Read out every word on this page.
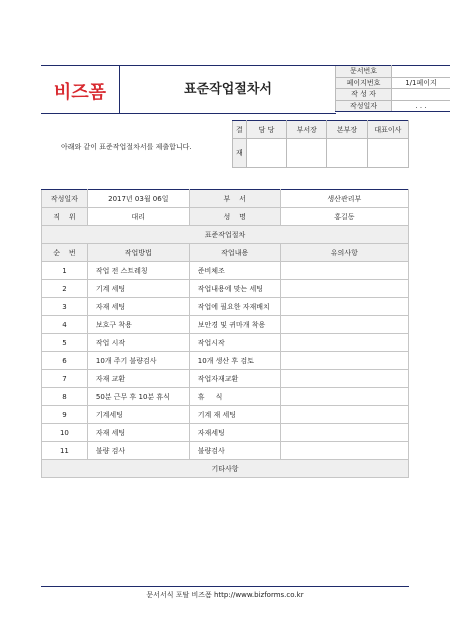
비즈폼	표준작업절차서
문서번호	
페이지번호	1/1페이지
작 성 자	
작성일자	. . .
아래와 같이 표준작업절차서를 제출합니다.
결	담 당	부서장	본부장	대표이사
재				
작성일자	2017년 03월 06일	부    서	생산관리부
직    위	대리	성    명	홍길동
표준작업절차			
순    번	작업방법	작업내용	유의사항
1	작업 전 스트레칭	준비체조	
2	기계 세팅	작업내용에 맞는 세팅	
3	자재 세팅	작업에 필요한 자재배치	
4	보호구 착용	보안경 및 귀마개 착용	
5	작업 시작	작업시작	
6	10개 주기 불량검사	10개 생산 후 검토	
7	자재 교환	작업자재교환	
8	50분 근무 후 10분 휴식	휴     식	
9	기계세팅	기계 재 세팅	
10	자재 세팅	자재세팅	
11	불량 검사	불량검사	
기타사항			

문서서식 포탈 비즈폼 http://www.bizforms.co.kr
